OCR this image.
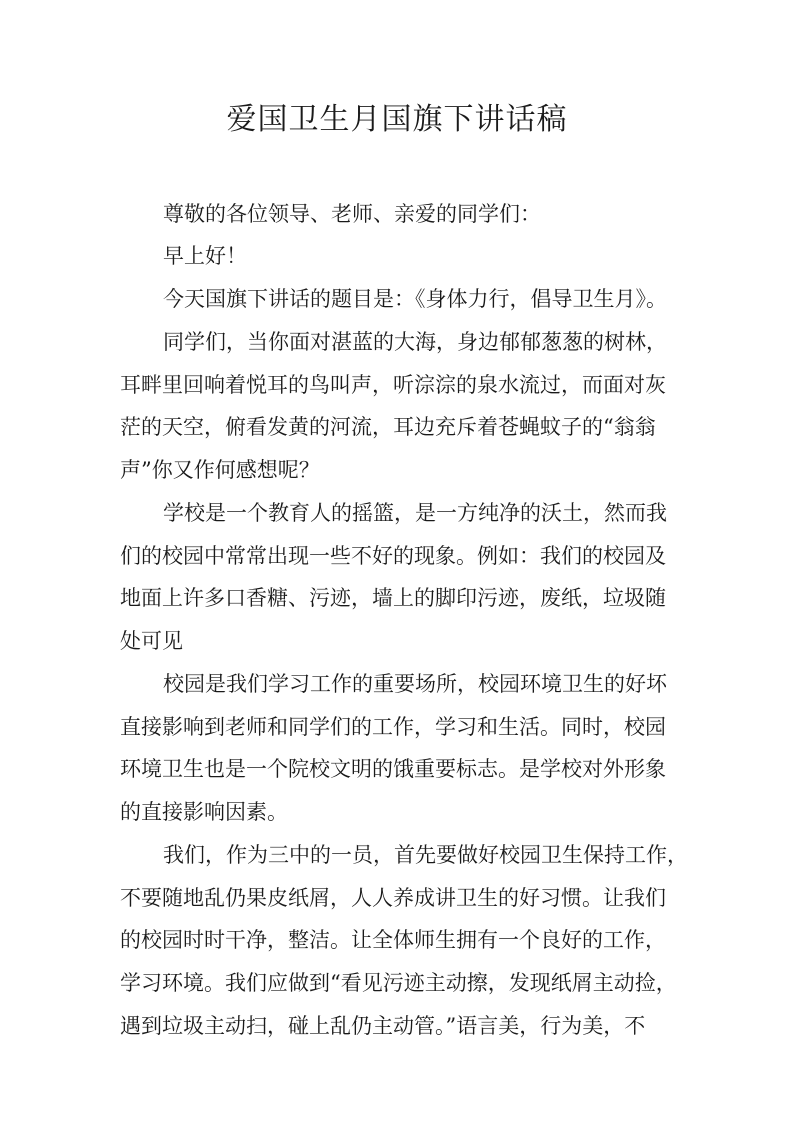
爱国卫生月国旗下讲话稿

尊敬的各位领导、老师、亲爱的同学们：

早上好！

今天国旗下讲话的题目是：《身体力行，倡导卫生月》。

同学们，当你面对湛蓝的大海，身边郁郁葱葱的树林，

耳畔里回响着悦耳的鸟叫声，听淙淙的泉水流过，而面对灰

茫的天空，俯看发黄的河流，耳边充斥着苍蝇蚊子的“翁翁

声”你又作何感想呢？

学校是一个教育人的摇篮，是一方纯净的沃土，然而我

们的校园中常常出现一些不好的现象。例如：我们的校园及

地面上许多口香糖、污迹，墙上的脚印污迹，废纸，垃圾随

处可见

校园是我们学习工作的重要场所，校园环境卫生的好坏

直接影响到老师和同学们的工作，学习和生活。同时，校园

环境卫生也是一个院校文明的饿重要标志。是学校对外形象

的直接影响因素。

我们，作为三中的一员，首先要做好校园卫生保持工作，

不要随地乱仍果皮纸屑，人人养成讲卫生的好习惯。让我们

的校园时时干净，整洁。让全体师生拥有一个良好的工作，

学习环境。我们应做到“看见污迹主动擦，发现纸屑主动捡，

遇到垃圾主动扫，碰上乱仍主动管。”语言美，行为美，不
